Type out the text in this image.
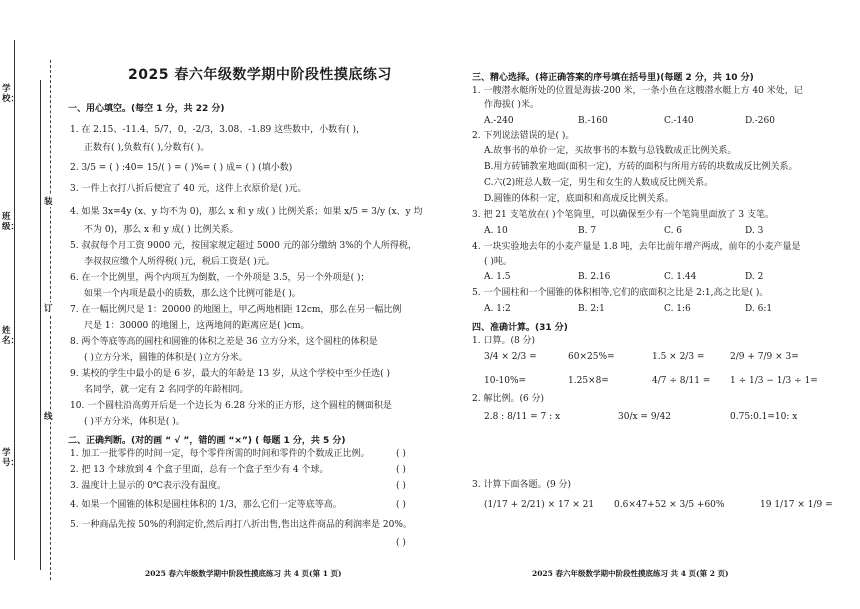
学校：
班级：
姓名：
学号：
装
订
线
2025 春六年级数学期中阶段性摸底练习
一、用心填空。(每空 1 分，共 22 分)
1. 在 2.15、-11.4、5/7，0，-2/3，3.08、-1.89 这些数中，小数有( )，
正数有( ),负数有( ),分数有( )。
2. 3/5 = ( ) :40= 15/( ) = ( )%= ( ) 成= ( ) (填小数)
3. 一件上衣打八折后便宜了 40 元，这件上衣原价是( )元。
4. 如果 3x=4y (x、y 均不为 0)，那么 x 和 y 成( ) 比例关系；如果 x/5 = 3/y (x、y 均
不为 0)，那么 x 和 y 成( ) 比例关系。
5. 叔叔每个月工资 9000 元，按国家规定超过 5000 元的部分缴纳 3%的个人所得税，
李叔叔应缴个人所得税( )元，税后工资是( )元。
6. 在一个比例里，两个内项互为倒数，一个外项是 3.5，另一个外项是( )；
如果一个内项是最小的质数，那么这个比例可能是( )。
7. 在一幅比例尺是 1：20000 的地图上，甲乙两地相距 12cm，那么在另一幅比例
尺是 1：30000 的地图上，这两地间的距离应是( )cm。
8. 两个等底等高的圆柱和圆锥的体积之差是 36 立方分米，这个圆柱的体积是
( )立方分米，圆锥的体积是( )立方分米。
9. 某校的学生中最小的是 6 岁，最大的年龄是 13 岁，从这个学校中至少任选( )
名同学，就一定有 2 名同学的年龄相同。
10. 一个圆柱沿高剪开后是一个边长为 6.28 分米的正方形，这个圆柱的侧面积是
( )平方分米，体积是( )。
二、正确判断。(对的画 “ √ ”，错的画 “×”) ( 每题 1 分，共 5 分)
1. 加工一批零件的时间一定，每个零件所需的时间和零件的个数成正比例。	( )
2. 把 13 个球放到 4 个盒子里面，总有一个盒子至少有 4 个球。	( )
3. 温度计上显示的 0℃表示没有温度。	( )
4. 如果一个圆锥的体积是圆柱体积的 1/3，那么它们一定等底等高。	( )
5. 一种商品先按 50%的利润定价,然后再打八折出售,售出这件商品的利润率是 20%。
( )
2025 春六年级数学期中阶段性摸底练习 共 4 页(第 1 页)
三、精心选择。(将正确答案的序号填在括号里)(每题 2 分，共 10 分)
1. 一艘潜水艇所处的位置是海拔-200 米，一条小鱼在这艘潜水艇上方 40 米处，记
作海拔( )米。
A.-240	B.-160	C.-140	D.-260
2. 下列说法错误的是( )。
A.故事书的单价一定，买故事书的本数与总钱数成正比例关系。
B.用方砖铺教室地面(面积一定)，方砖的面积与所用方砖的块数成反比例关系。
C.六(2)班总人数一定，男生和女生的人数成反比例关系。
D.圆锥的体积一定，底面积和高成反比例关系。
3. 把 21 支笔放在( )个笔筒里，可以确保至少有一个笔筒里面放了 3 支笔。
A. 10	B. 7	C. 6	D. 3
4. 一块实验地去年的小麦产量是 1.8 吨，去年比前年增产两成，前年的小麦产量是
( )吨。
A. 1.5	B. 2.16	C. 1.44	D. 2
5. 一个圆柱和一个圆锥的体积相等,它们的底面积之比是 2:1,高之比是( )。
A. 1:2	B. 2:1	C. 1:6	D. 6:1
四、准确计算。(31 分)
1. 口算。(8 分)
3/4 × 2/3 =	60×25%=	1.5 × 2/3 =	2/9 + 7/9 × 3=
10-10%=	1.25×8=	4/7 ÷ 8/11 = 1 ÷ 1/3 − 1/3 ÷ 1=
2. 解比例。(6 分)
2.8 : 8/11 = 7 : x	30/x = 9/42	0.75:0.1=10: x
3. 计算下面各题。(9 分)
(1/17 + 2/21) × 17 × 21 0.6×47+52 × 3/5 +60%	19 1/17 × 1/9 =
2025 春六年级数学期中阶段性摸底练习 共 4 页(第 2 页)
